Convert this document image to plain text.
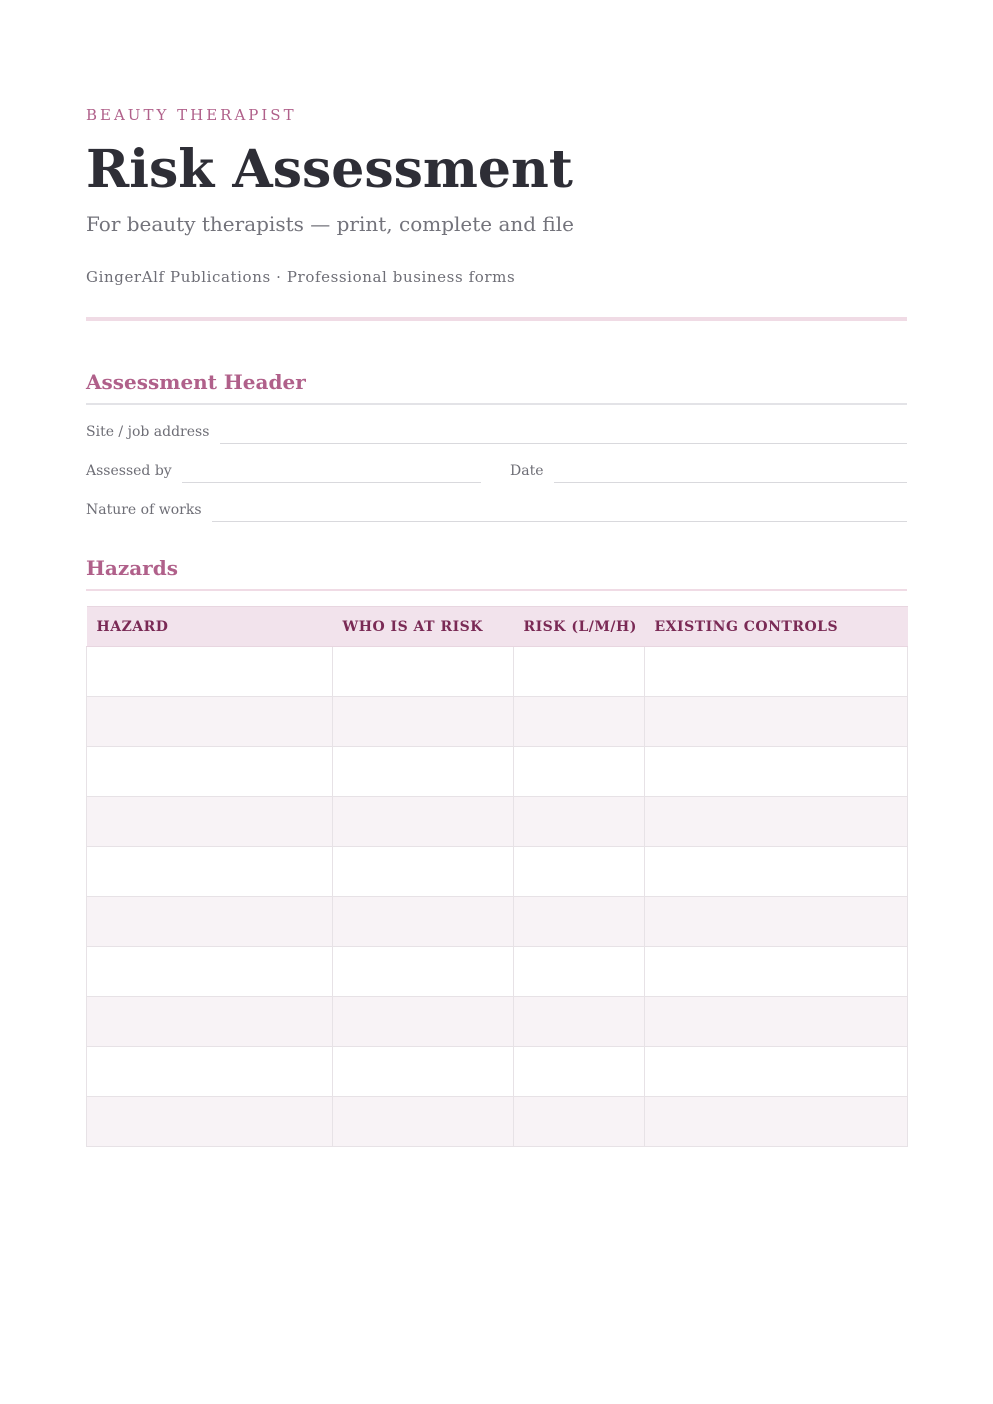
BEAUTY THERAPIST
Risk Assessment
For beauty therapists — print, complete and file
GingerAlf Publications · Professional business forms
Assessment Header
Site / job address
Assessed by	Date
Nature of works
Hazards
HAZARD	WHO IS AT RISK	RISK (L/M/H)	EXISTING CONTROLS
